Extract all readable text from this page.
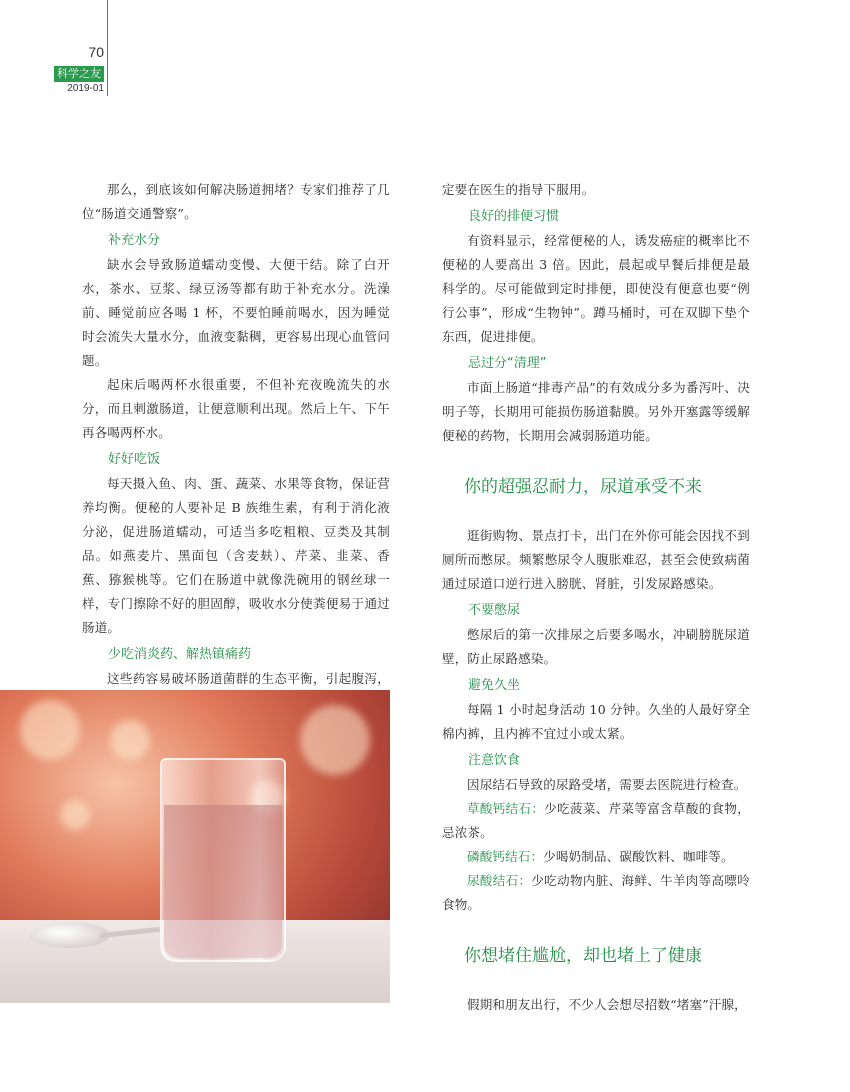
70
科学之友
2019-01

那么，到底该如何解决肠道拥堵？专家们推荐了几位“肠道交通警察”。

补充水分

缺水会导致肠道蠕动变慢、大便干结。除了白开水，茶水、豆浆、绿豆汤等都有助于补充水分。洗澡前、睡觉前应各喝 1 杯，不要怕睡前喝水，因为睡觉时会流失大量水分，血液变黏稠，更容易出现心血管问题。

起床后喝两杯水很重要，不但补充夜晚流失的水分，而且刺激肠道，让便意顺利出现。然后上午、下午再各喝两杯水。

好好吃饭

每天摄入鱼、肉、蛋、蔬菜、水果等食物，保证营养均衡。便秘的人要补足 B 族维生素，有利于消化液分泌，促进肠道蠕动，可适当多吃粗粮、豆类及其制品。如燕麦片、黑面包（含麦麸）、芹菜、韭菜、香蕉、猕猴桃等。它们在肠道中就像洗碗用的钢丝球一样，专门擦除不好的胆固醇，吸收水分使粪便易于通过肠道。

少吃消炎药、解热镇痛药

这些药容易破坏肠道菌群的生态平衡，引起腹泻，

定要在医生的指导下服用。

良好的排便习惯

有资料显示，经常便秘的人，诱发癌症的概率比不便秘的人要高出 3 倍。因此，晨起或早餐后排便是最科学的。尽可能做到定时排便，即使没有便意也要“例行公事”，形成“生物钟”。蹲马桶时，可在双脚下垫个东西，促进排便。

忌过分“清理”

市面上肠道“排毒产品”的有效成分多为番泻叶、决明子等，长期用可能损伤肠道黏膜。另外开塞露等缓解便秘的药物，长期用会减弱肠道功能。

你的超强忍耐力，尿道承受不来

逛街购物、景点打卡，出门在外你可能会因找不到厕所而憋尿。频繁憋尿令人腹胀难忍，甚至会使致病菌通过尿道口逆行进入膀胱、肾脏，引发尿路感染。

不要憋尿

憋尿后的第一次排尿之后要多喝水，冲刷膀胱尿道壁，防止尿路感染。

避免久坐

每隔 1 小时起身活动 10 分钟。久坐的人最好穿全棉内裤，且内裤不宜过小或太紧。

注意饮食

因尿结石导致的尿路受堵，需要去医院进行检查。

草酸钙结石：少吃菠菜、芹菜等富含草酸的食物，忌浓茶。

磷酸钙结石：少喝奶制品、碳酸饮料、咖啡等。

尿酸结石：少吃动物内脏、海鲜、牛羊肉等高嘌呤食物。

你想堵住尴尬，却也堵上了健康

假期和朋友出行，不少人会想尽招数“堵塞”汗腺，
